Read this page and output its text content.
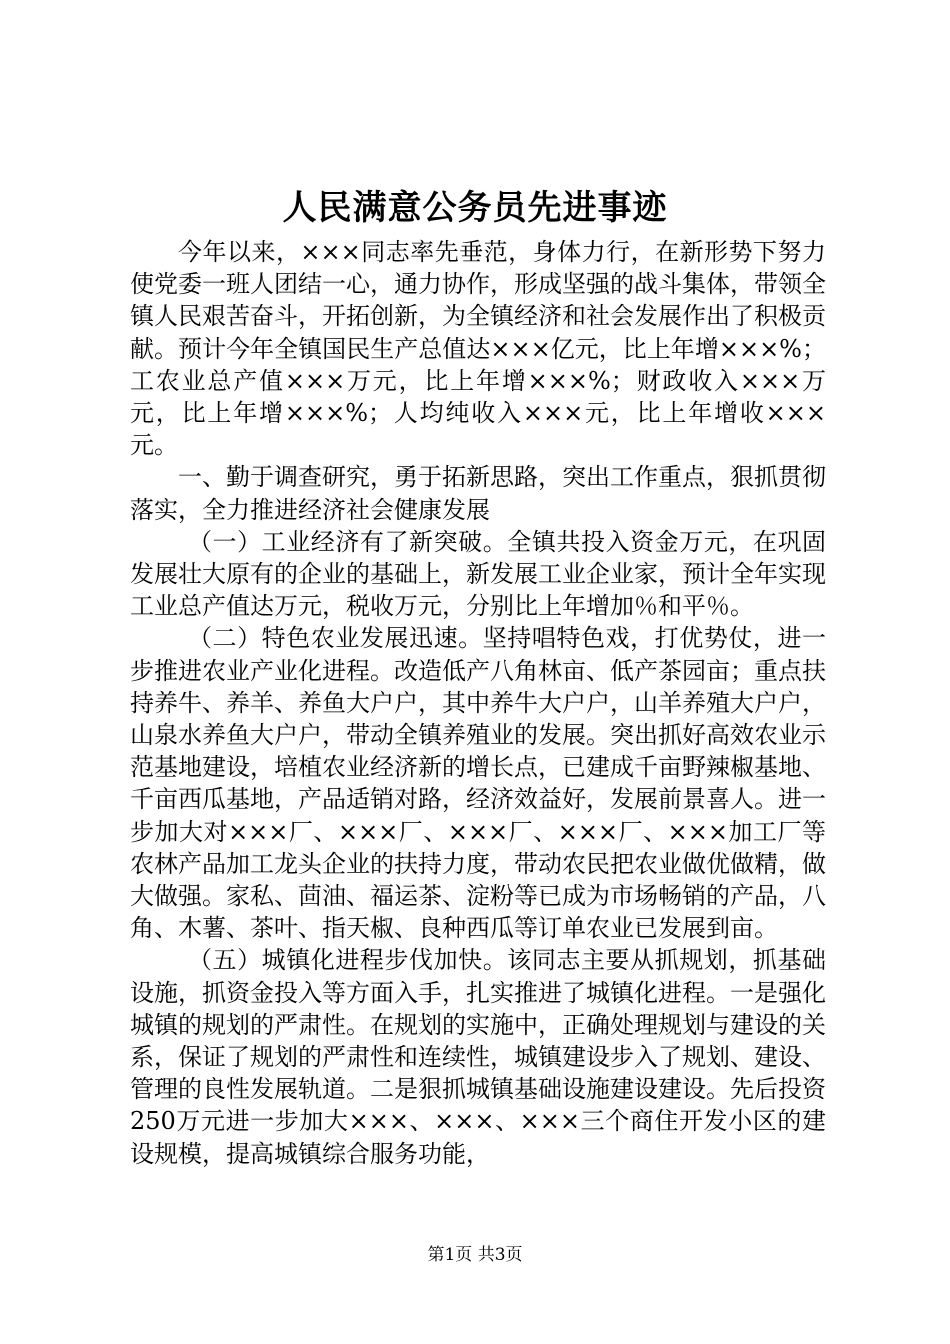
人民满意公务员先进事迹

今年以来，×××同志率先垂范，身体力行，在新形势下努力使党委一班人团结一心，通力协作，形成坚强的战斗集体，带领全镇人民艰苦奋斗，开拓创新，为全镇经济和社会发展作出了积极贡献。预计今年全镇国民生产总值达×××亿元，比上年增×××%；工农业总产值×××万元，比上年增×××%；财政收入×××万元，比上年增×××%；人均纯收入×××元，比上年增收×××元。

一、勤于调查研究，勇于拓新思路，突出工作重点，狠抓贯彻落实，全力推进经济社会健康发展

（一）工业经济有了新突破。全镇共投入资金万元，在巩固发展壮大原有的企业的基础上，新发展工业企业家，预计全年实现工业总产值达万元，税收万元，分别比上年增加％和平％。

（二）特色农业发展迅速。坚持唱特色戏，打优势仗，进一步推进农业产业化进程。改造低产八角林亩、低产茶园亩；重点扶持养牛、养羊、养鱼大户户，其中养牛大户户，山羊养殖大户户，山泉水养鱼大户户，带动全镇养殖业的发展。突出抓好高效农业示范基地建设，培植农业经济新的增长点，已建成千亩野辣椒基地、千亩西瓜基地，产品适销对路，经济效益好，发展前景喜人。进一步加大对×××厂、×××厂、×××厂、×××厂、×××加工厂等农林产品加工龙头企业的扶持力度，带动农民把农业做优做精，做大做强。家私、茴油、福运茶、淀粉等已成为市场畅销的产品，八角、木薯、茶叶、指天椒、良种西瓜等订单农业已发展到亩。

（五）城镇化进程步伐加快。该同志主要从抓规划，抓基础设施，抓资金投入等方面入手，扎实推进了城镇化进程。一是强化城镇的规划的严肃性。在规划的实施中，正确处理规划与建设的关系，保证了规划的严肃性和连续性，城镇建设步入了规划、建设、管理的良性发展轨道。二是狠抓城镇基础设施建设建设。先后投资250万元进一步加大×××、×××、×××三个商住开发小区的建设规模，提高城镇综合服务功能，

第1页 共3页
